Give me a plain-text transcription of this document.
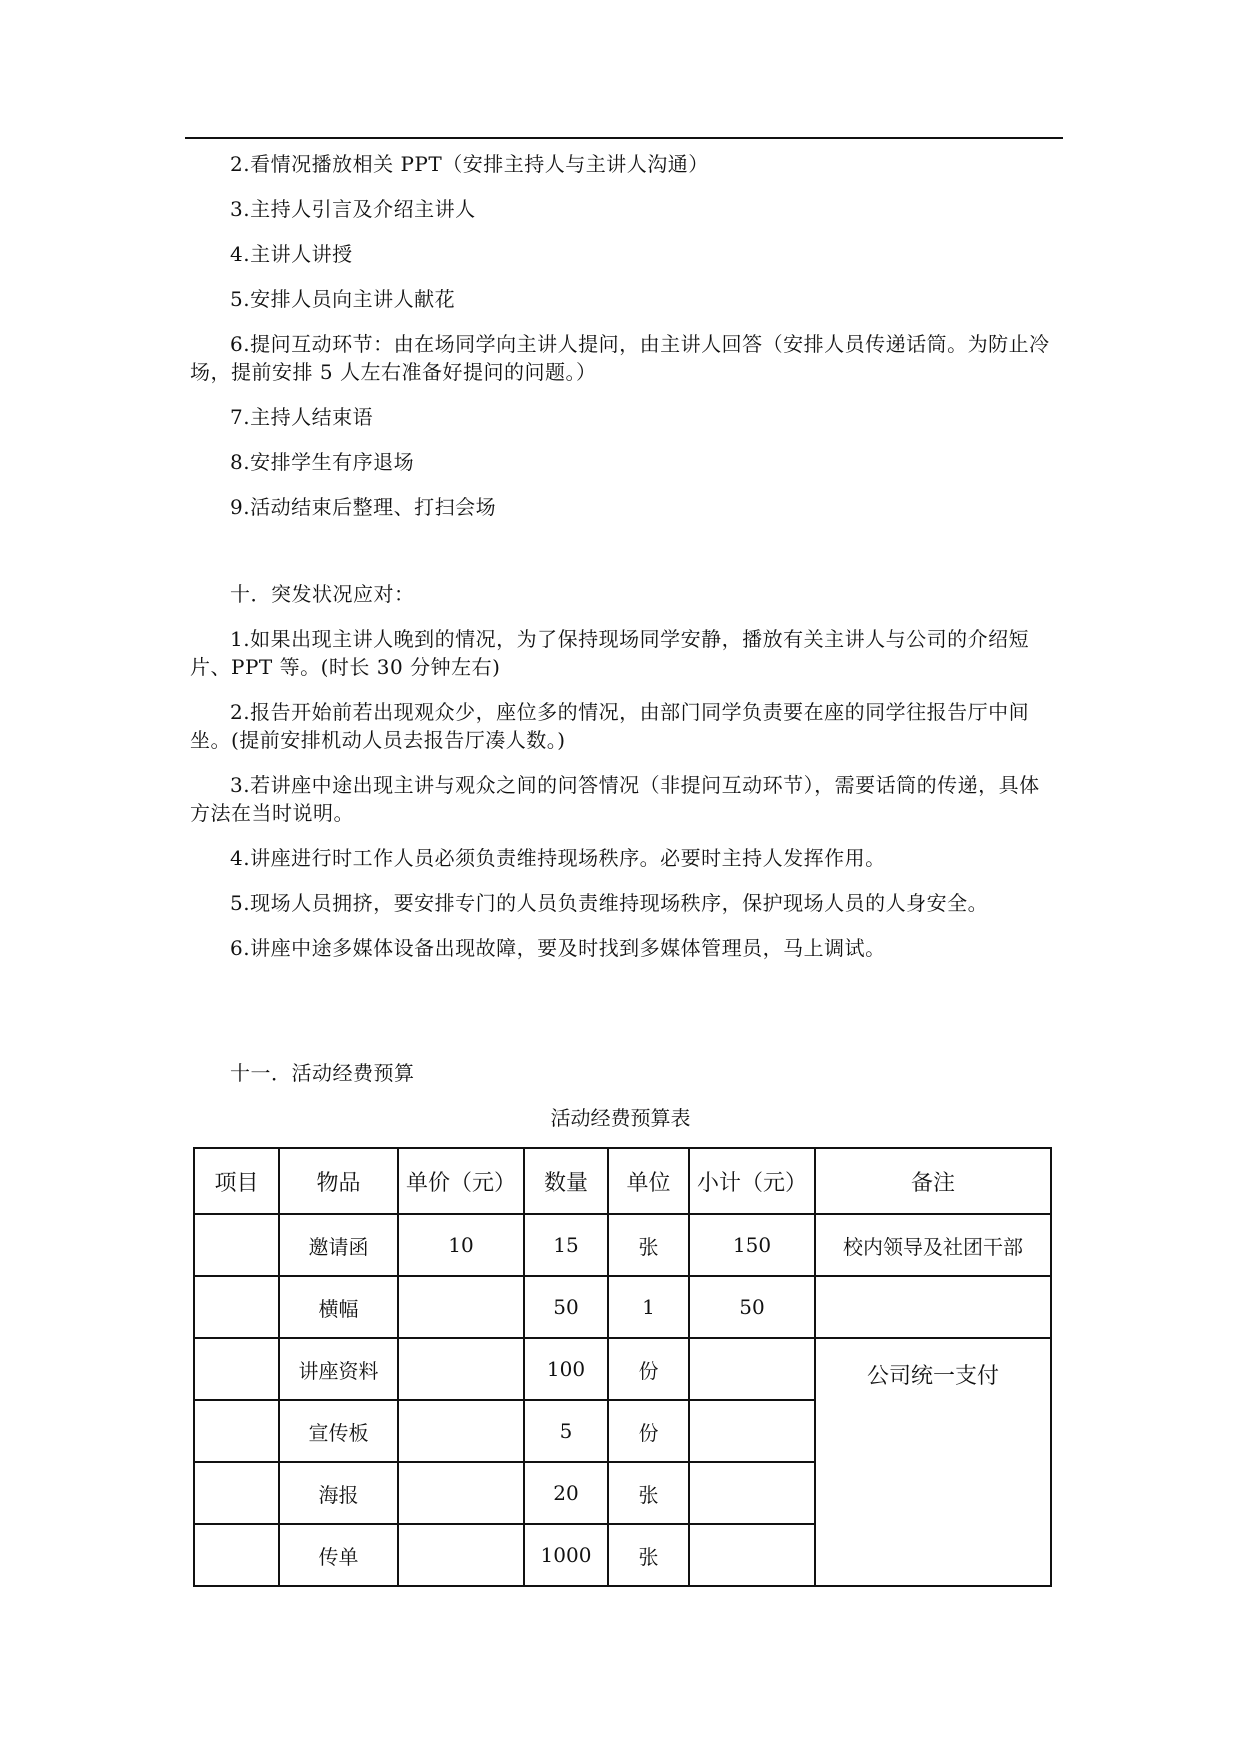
2.看情况播放相关 PPT（安排主持人与主讲人沟通）

3.主持人引言及介绍主讲人

4.主讲人讲授

5.安排人员向主讲人献花

6.提问互动环节：由在场同学向主讲人提问，由主讲人回答（安排人员传递话筒。为防止冷场，提前安排 5 人左右准备好提问的问题。）

7.主持人结束语

8.安排学生有序退场

9.活动结束后整理、打扫会场

十．突发状况应对：

1.如果出现主讲人晚到的情况，为了保持现场同学安静，播放有关主讲人与公司的介绍短片、PPT 等。(时长 30 分钟左右)

2.报告开始前若出现观众少，座位多的情况，由部门同学负责要在座的同学往报告厅中间坐。(提前安排机动人员去报告厅凑人数。)

3.若讲座中途出现主讲与观众之间的问答情况（非提问互动环节），需要话筒的传递，具体方法在当时说明。

4.讲座进行时工作人员必须负责维持现场秩序。必要时主持人发挥作用。

5.现场人员拥挤，要安排专门的人员负责维持现场秩序，保护现场人员的人身安全。

6.讲座中途多媒体设备出现故障，要及时找到多媒体管理员，马上调试。

十一．活动经费预算

活动经费预算表
项目	物品	单价（元）	数量	单位	小计（元）	备注
	邀请函	10	15	张	150	校内领导及社团干部
	横幅		50	1	50	
	讲座资料		100	份		公司统一支付
	宣传板		5	份		
	海报		20	张		
	传单		1000	张		
